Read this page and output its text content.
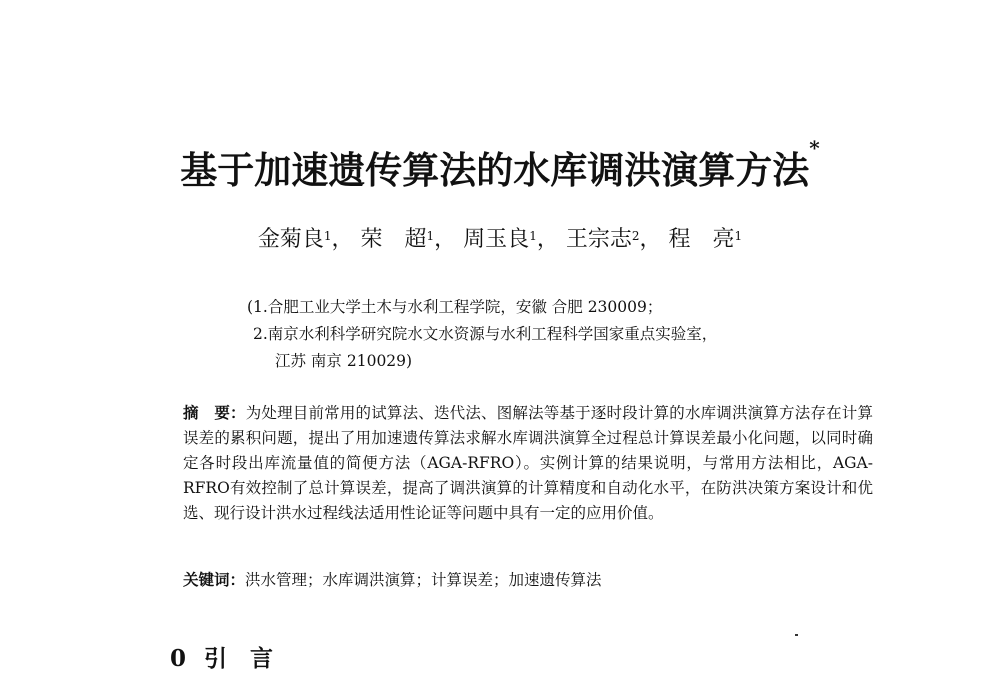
基于加速遗传算法的水库调洪演算方法*
金菊良$^1$， 荣　超$^1$， 周玉良$^1$， 王宗志$^2$， 程　亮$^1$
(1.合肥工业大学土木与水利工程学院，安徽 合肥 230009；
2.南京水利科学研究院水文水资源与水利工程科学国家重点实验室，
江苏 南京 210029)
摘　要：为处理目前常用的试算法、迭代法、图解法等基于逐时段计算的水库调洪演算方法存在计算误差的累积问题，提出了用加速遗传算法求解水库调洪演算全过程总计算误差最小化问题，以同时确定各时段出库流量值的简便方法（AGA-RFRO）。实例计算的结果说明，与常用方法相比，AGA-RFRO有效控制了总计算误差，提高了调洪演算的计算精度和自动化水平，在防洪决策方案设计和优选、现行设计洪水过程线法适用性论证等问题中具有一定的应用价值。
关键词：洪水管理；水库调洪演算；计算误差；加速遗传算法
0 引　言
